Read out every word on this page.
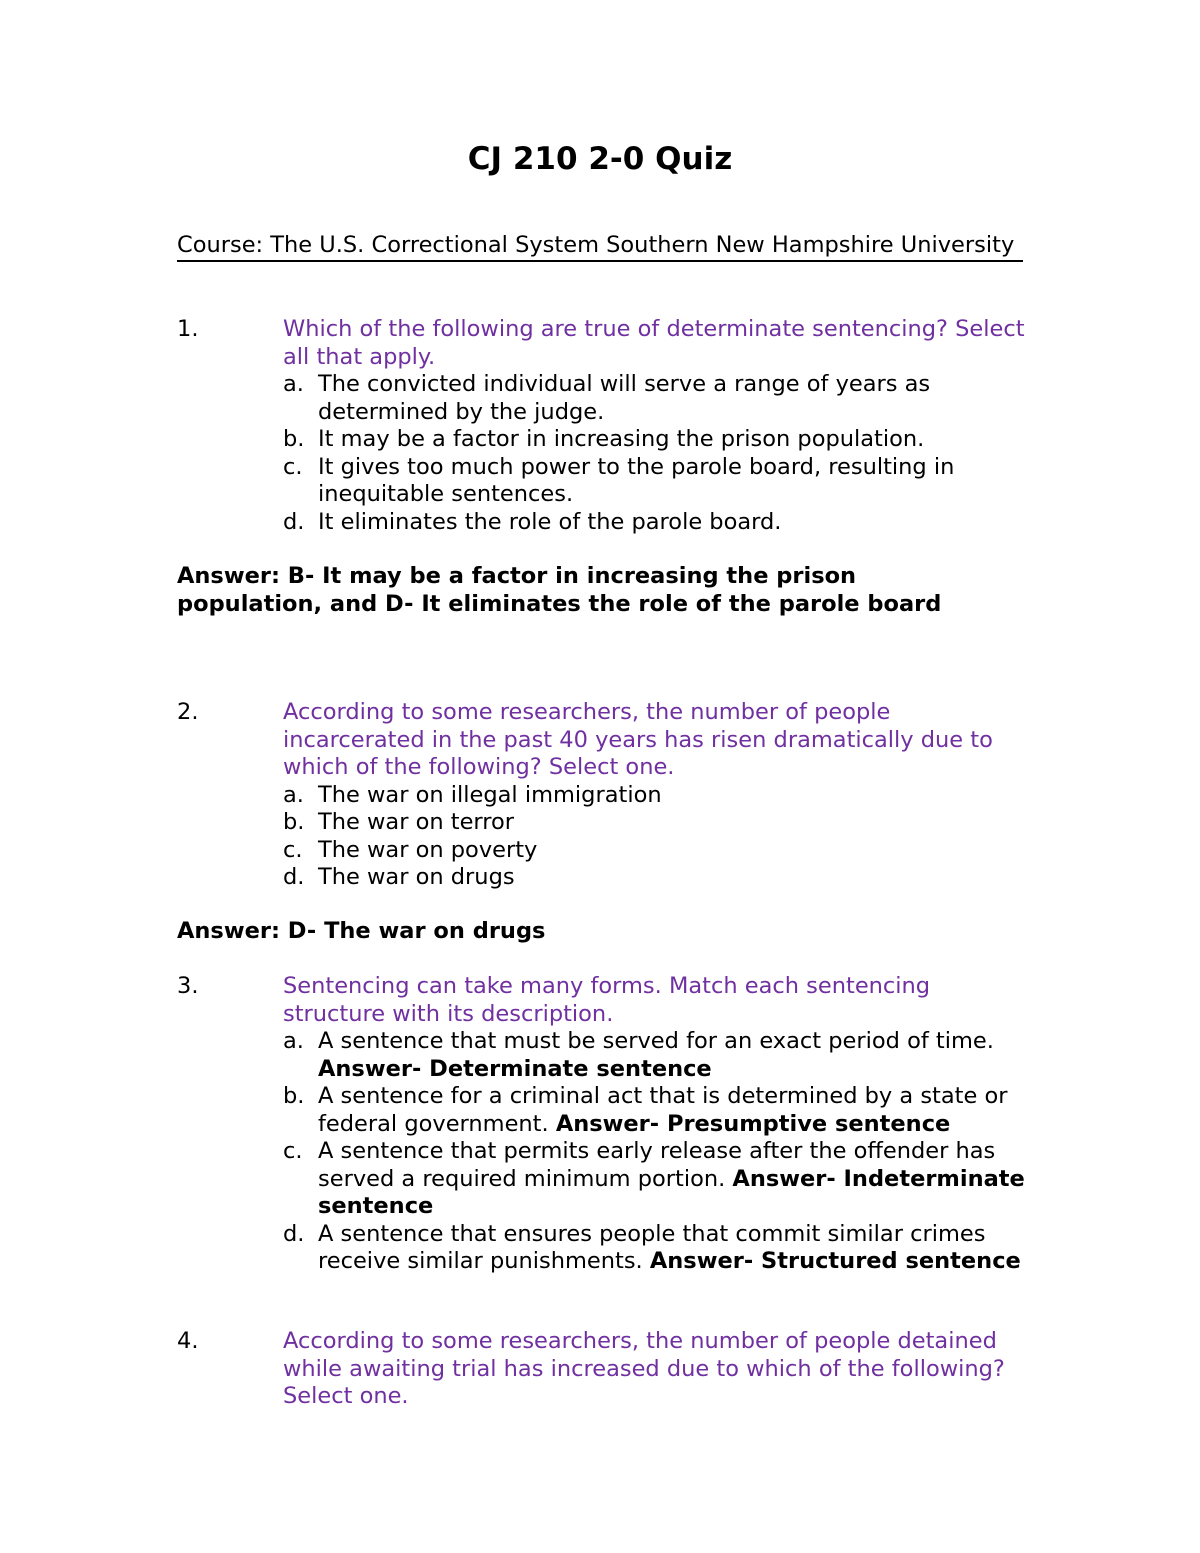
CJ 210 2-0 Quiz
Course: The U.S. Correctional System Southern New Hampshire University
1.	Which of the following are true of determinate sentencing? Select all that apply.
a. The convicted individual will serve a range of years as determined by the judge.
b. It may be a factor in increasing the prison population.
c. It gives too much power to the parole board, resulting in inequitable sentences.
d. It eliminates the role of the parole board.
Answer: B- It may be a factor in increasing the prison population, and D- It eliminates the role of the parole board
2.	According to some researchers, the number of people incarcerated in the past 40 years has risen dramatically due to which of the following? Select one.
a. The war on illegal immigration
b. The war on terror
c. The war on poverty
d. The war on drugs
Answer: D- The war on drugs
3.	Sentencing can take many forms. Match each sentencing structure with its description.
a. A sentence that must be served for an exact period of time. Answer- Determinate sentence
b. A sentence for a criminal act that is determined by a state or federal government. Answer- Presumptive sentence
c. A sentence that permits early release after the offender has served a required minimum portion. Answer- Indeterminate sentence
d. A sentence that ensures people that commit similar crimes receive similar punishments. Answer- Structured sentence
4.	According to some researchers, the number of people detained while awaiting trial has increased due to which of the following? Select one.
